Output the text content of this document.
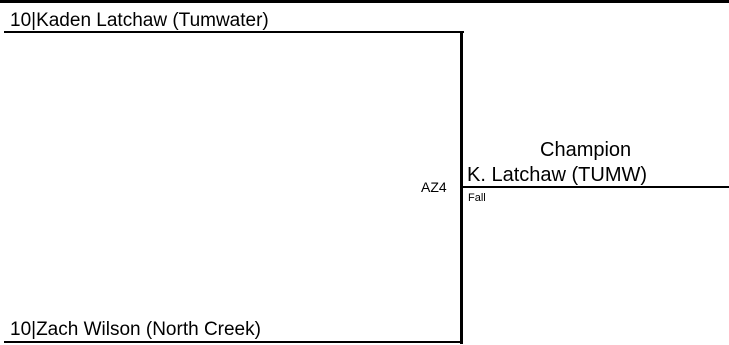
10|Kaden Latchaw (Tumwater)
10|Zach Wilson (North Creek)
AZ4
Champion
K. Latchaw (TUMW)
Fall
